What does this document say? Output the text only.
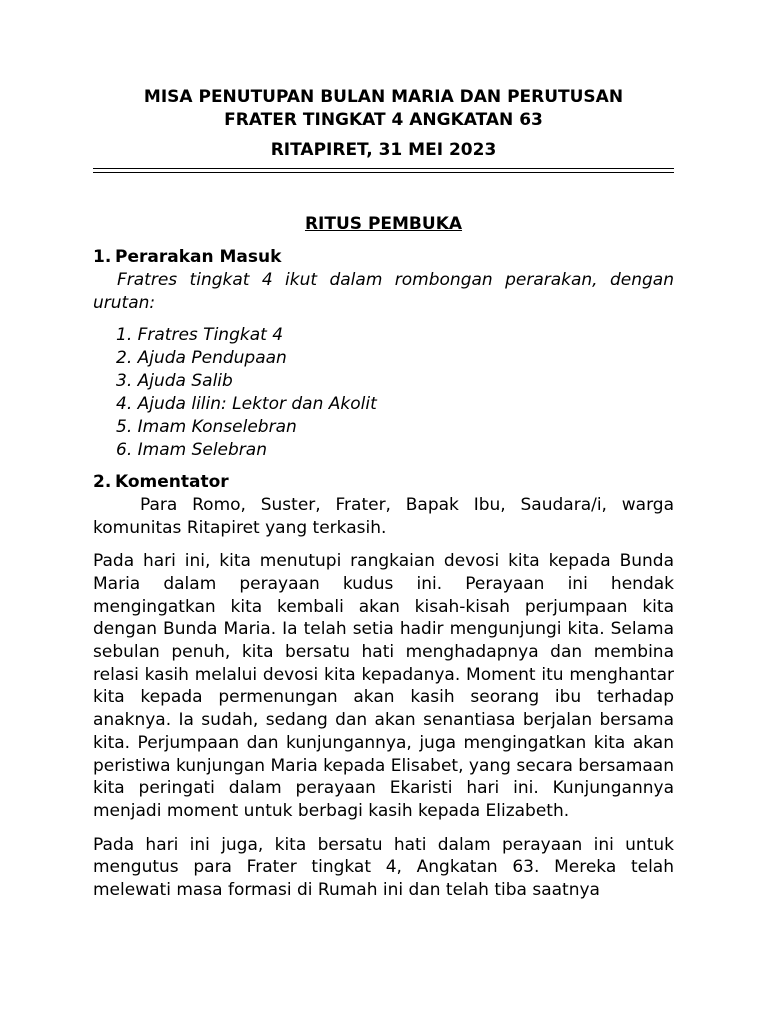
MISA PENUTUPAN BULAN MARIA DAN PERUTUSAN
FRATER TINGKAT 4 ANGKATAN 63
RITAPIRET, 31 MEI 2023
RITUS PEMBUKA
1. Perarakan Masuk

Fratres tingkat 4 ikut dalam rombongan perarakan, dengan urutan:

1. Fratres Tingkat 4
2. Ajuda Pendupaan
3. Ajuda Salib
4. Ajuda lilin: Lektor dan Akolit
5. Imam Konselebran
6. Imam Selebran
2. Komentator

Para Romo, Suster, Frater, Bapak Ibu, Saudara/i, warga komunitas Ritapiret yang terkasih.

Pada hari ini, kita menutupi rangkaian devosi kita kepada Bunda Maria dalam perayaan kudus ini. Perayaan ini hendak mengingatkan kita kembali akan kisah-kisah perjumpaan kita dengan Bunda Maria. Ia telah setia hadir mengunjungi kita. Selama sebulan penuh, kita bersatu hati menghadapnya dan membina relasi kasih melalui devosi kita kepadanya. Moment itu menghantar kita kepada permenungan akan kasih seorang ibu terhadap anaknya. Ia sudah, sedang dan akan senantiasa berjalan bersama kita. Perjumpaan dan kunjungannya, juga mengingatkan kita akan peristiwa kunjungan Maria kepada Elisabet, yang secara bersamaan kita peringati dalam perayaan Ekaristi hari ini. Kunjungannya menjadi moment untuk berbagi kasih kepada Elizabeth.

Pada hari ini juga, kita bersatu hati dalam perayaan ini untuk mengutus para Frater tingkat 4, Angkatan 63. Mereka telah melewati masa formasi di Rumah ini dan telah tiba saatnya
